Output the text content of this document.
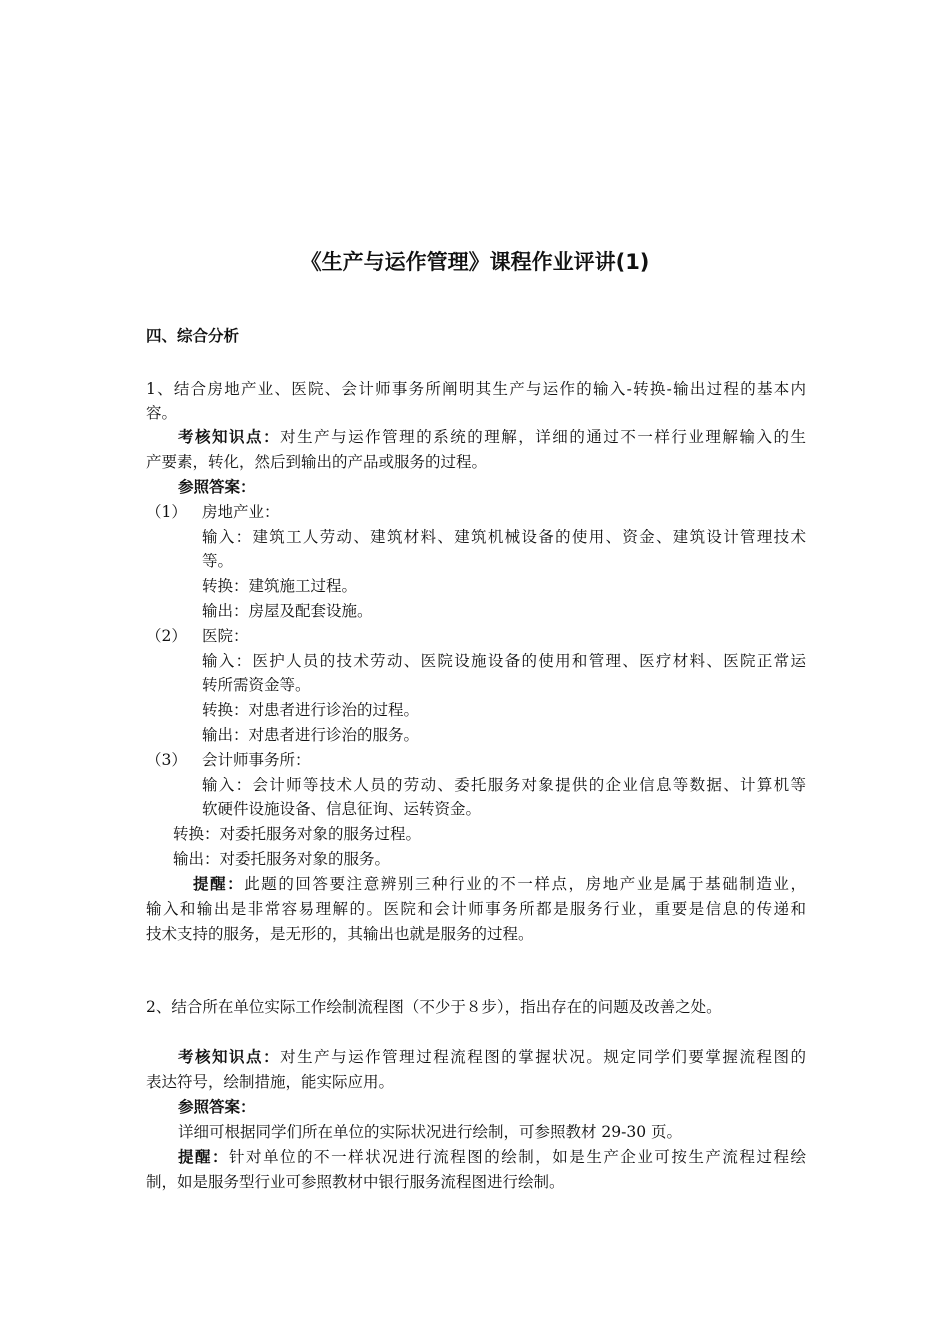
《生产与运作管理》课程作业评讲(1)
四、综合分析
1、结合房地产业、医院、会计师事务所阐明其生产与运作的输入-转换-输出过程的基本内
容。
考核知识点：对生产与运作管理的系统的理解，详细的通过不一样行业理解输入的生
产要素，转化，然后到输出的产品或服务的过程。
参照答案：
（1） 房地产业：
输入：建筑工人劳动、建筑材料、建筑机械设备的使用、资金、建筑设计管理技术
等。
转换：建筑施工过程。
输出：房屋及配套设施。
（2） 医院：
输入：医护人员的技术劳动、医院设施设备的使用和管理、医疗材料、医院正常运
转所需资金等。
转换：对患者进行诊治的过程。
输出：对患者进行诊治的服务。
（3） 会计师事务所：
输入：会计师等技术人员的劳动、委托服务对象提供的企业信息等数据、计算机等
软硬件设施设备、信息征询、运转资金。
转换：对委托服务对象的服务过程。
输出：对委托服务对象的服务。
提醒：此题的回答要注意辨别三种行业的不一样点，房地产业是属于基础制造业，
输入和输出是非常容易理解的。医院和会计师事务所都是服务行业，重要是信息的传递和
技术支持的服务，是无形的，其输出也就是服务的过程。
2、结合所在单位实际工作绘制流程图（不少于８步），指出存在的问题及改善之处。
考核知识点：对生产与运作管理过程流程图的掌握状况。规定同学们要掌握流程图的
表达符号，绘制措施，能实际应用。
参照答案：
详细可根据同学们所在单位的实际状况进行绘制，可参照教材 29-30 页。
提醒：针对单位的不一样状况进行流程图的绘制，如是生产企业可按生产流程过程绘
制，如是服务型行业可参照教材中银行服务流程图进行绘制。
